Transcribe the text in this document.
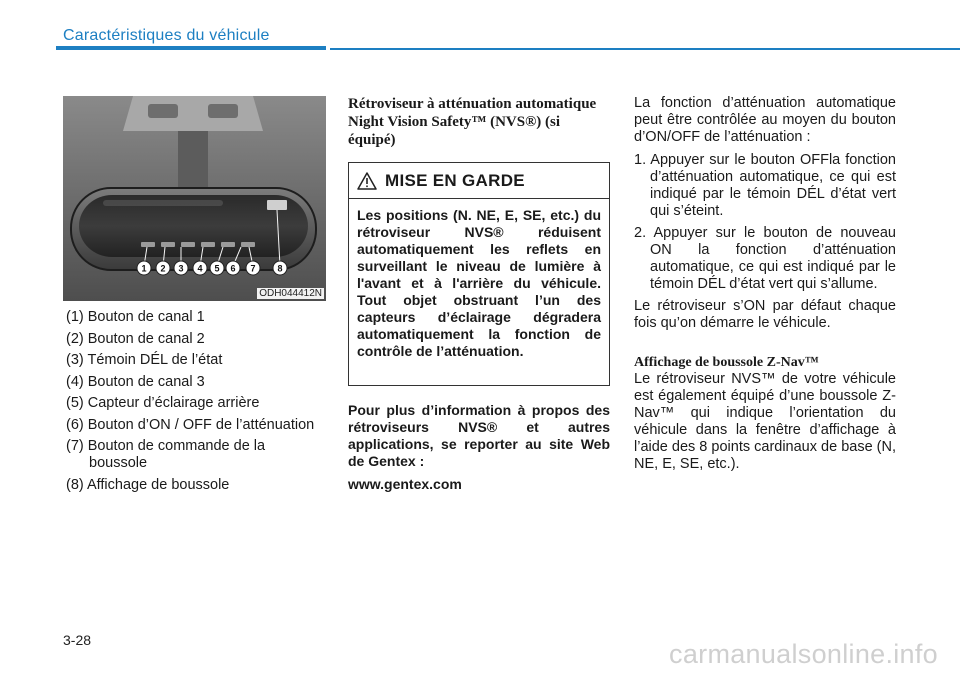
Caractéristiques du véhicule
1 2 3 4 5 6 7 8
ODH044412N
(1) Bouton de canal 1
(2) Bouton de canal 2
(3) Témoin DÉL de l’état
(4) Bouton de canal 3
(5) Capteur d’éclairage arrière
(6) Bouton d’ON / OFF de l’atténuation
(7) Bouton de commande de la boussole
(8) Affichage de boussole
Rétroviseur à atténuation automatique Night Vision Safety™ (NVS®) (si équipé)
MISE EN GARDE
Les positions (N. NE, E, SE, etc.) du rétroviseur NVS® réduisent automatiquement les reflets en surveillant le niveau de lumière à l'avant et à l'arrière du véhicule. Tout objet obstruant l’un des capteurs d’éclairage dégradera automatiquement la fonction de contrôle de l’atténuation.
Pour plus d’information à propos des rétroviseurs NVS® et autres applications, se reporter au site Web de Gentex :
www.gentex.com

La fonction d’atténuation automatique peut être contrôlée au moyen du bouton d’ON/OFF de l’atténuation :

1. Appuyer sur le bouton OFFla fonction d’atténuation automatique, ce qui est indiqué par le témoin DÉL d’état vert qui s’éteint.

2. Appuyer sur le bouton de nouveau ON la fonction d’atténuation automatique, ce qui est indiqué par le témoin DÉL d’état vert qui s’allume.

Le rétroviseur s’ON par défaut chaque fois qu’on démarre le véhicule.

Affichage de boussole Z-Nav™

Le rétroviseur NVS™ de votre véhicule est également équipé d’une boussole Z-Nav™ qui indique l’orientation du véhicule dans la fenêtre d’affichage à l’aide des 8 points cardinaux de base (N, NE, E, SE, etc.).

3-28	carmanualsonline.info
